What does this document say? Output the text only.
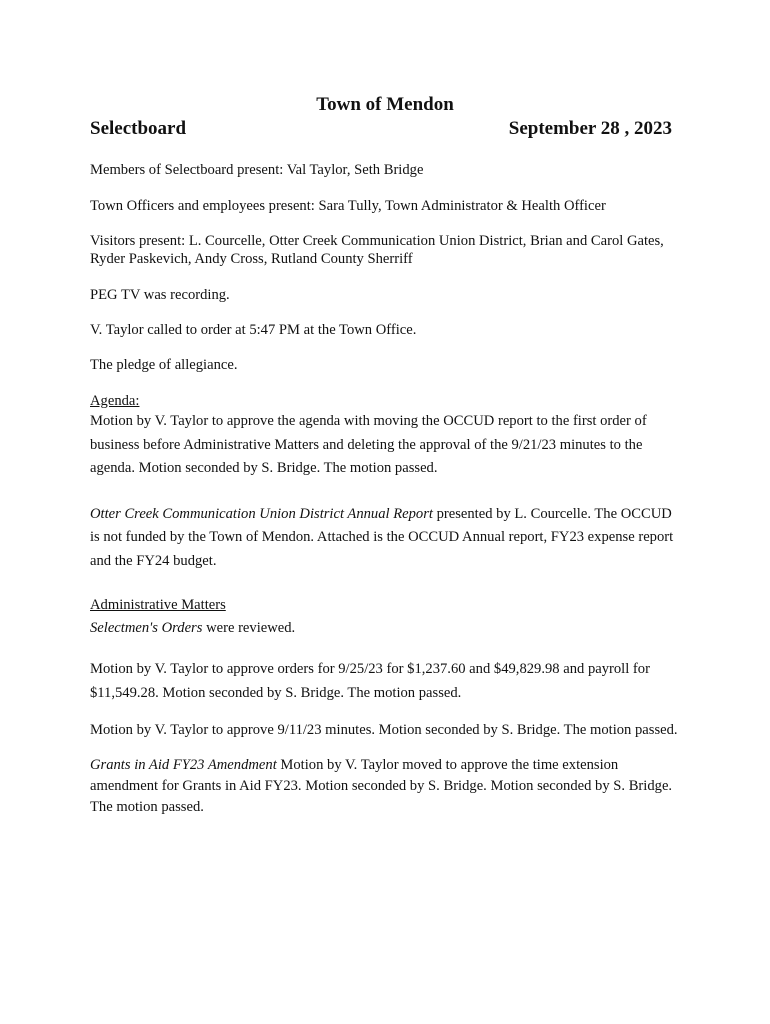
Town of Mendon
Selectboard	September 28 , 2023

Members of Selectboard present: Val Taylor, Seth Bridge

Town Officers and employees present: Sara Tully, Town Administrator & Health Officer

Visitors present: L. Courcelle, Otter Creek Communication Union District, Brian and Carol Gates, Ryder Paskevich, Andy Cross, Rutland County Sherriff

PEG TV was recording.

V. Taylor called to order at 5:47 PM at the Town Office.

The pledge of allegiance.

Agenda:

Motion by V. Taylor to approve the agenda with moving the OCCUD report to the first order of business before Administrative Matters and deleting the approval of the 9/21/23 minutes to the agenda. Motion seconded by S. Bridge. The motion passed.

Otter Creek Communication Union District Annual Report presented by L. Courcelle. The OCCUD is not funded by the Town of Mendon. Attached is the OCCUD Annual report, FY23 expense report and the FY24 budget.

Administrative Matters

Selectmen's Orders were reviewed.

Motion by V. Taylor to approve orders for 9/25/23 for $1,237.60 and $49,829.98 and payroll for $11,549.28. Motion seconded by S. Bridge. The motion passed.

Motion by V. Taylor to approve 9/11/23 minutes. Motion seconded by S. Bridge. The motion passed.

Grants in Aid FY23 Amendment Motion by V. Taylor moved to approve the time extension amendment for Grants in Aid FY23. Motion seconded by S. Bridge. Motion seconded by S. Bridge. The motion passed.
